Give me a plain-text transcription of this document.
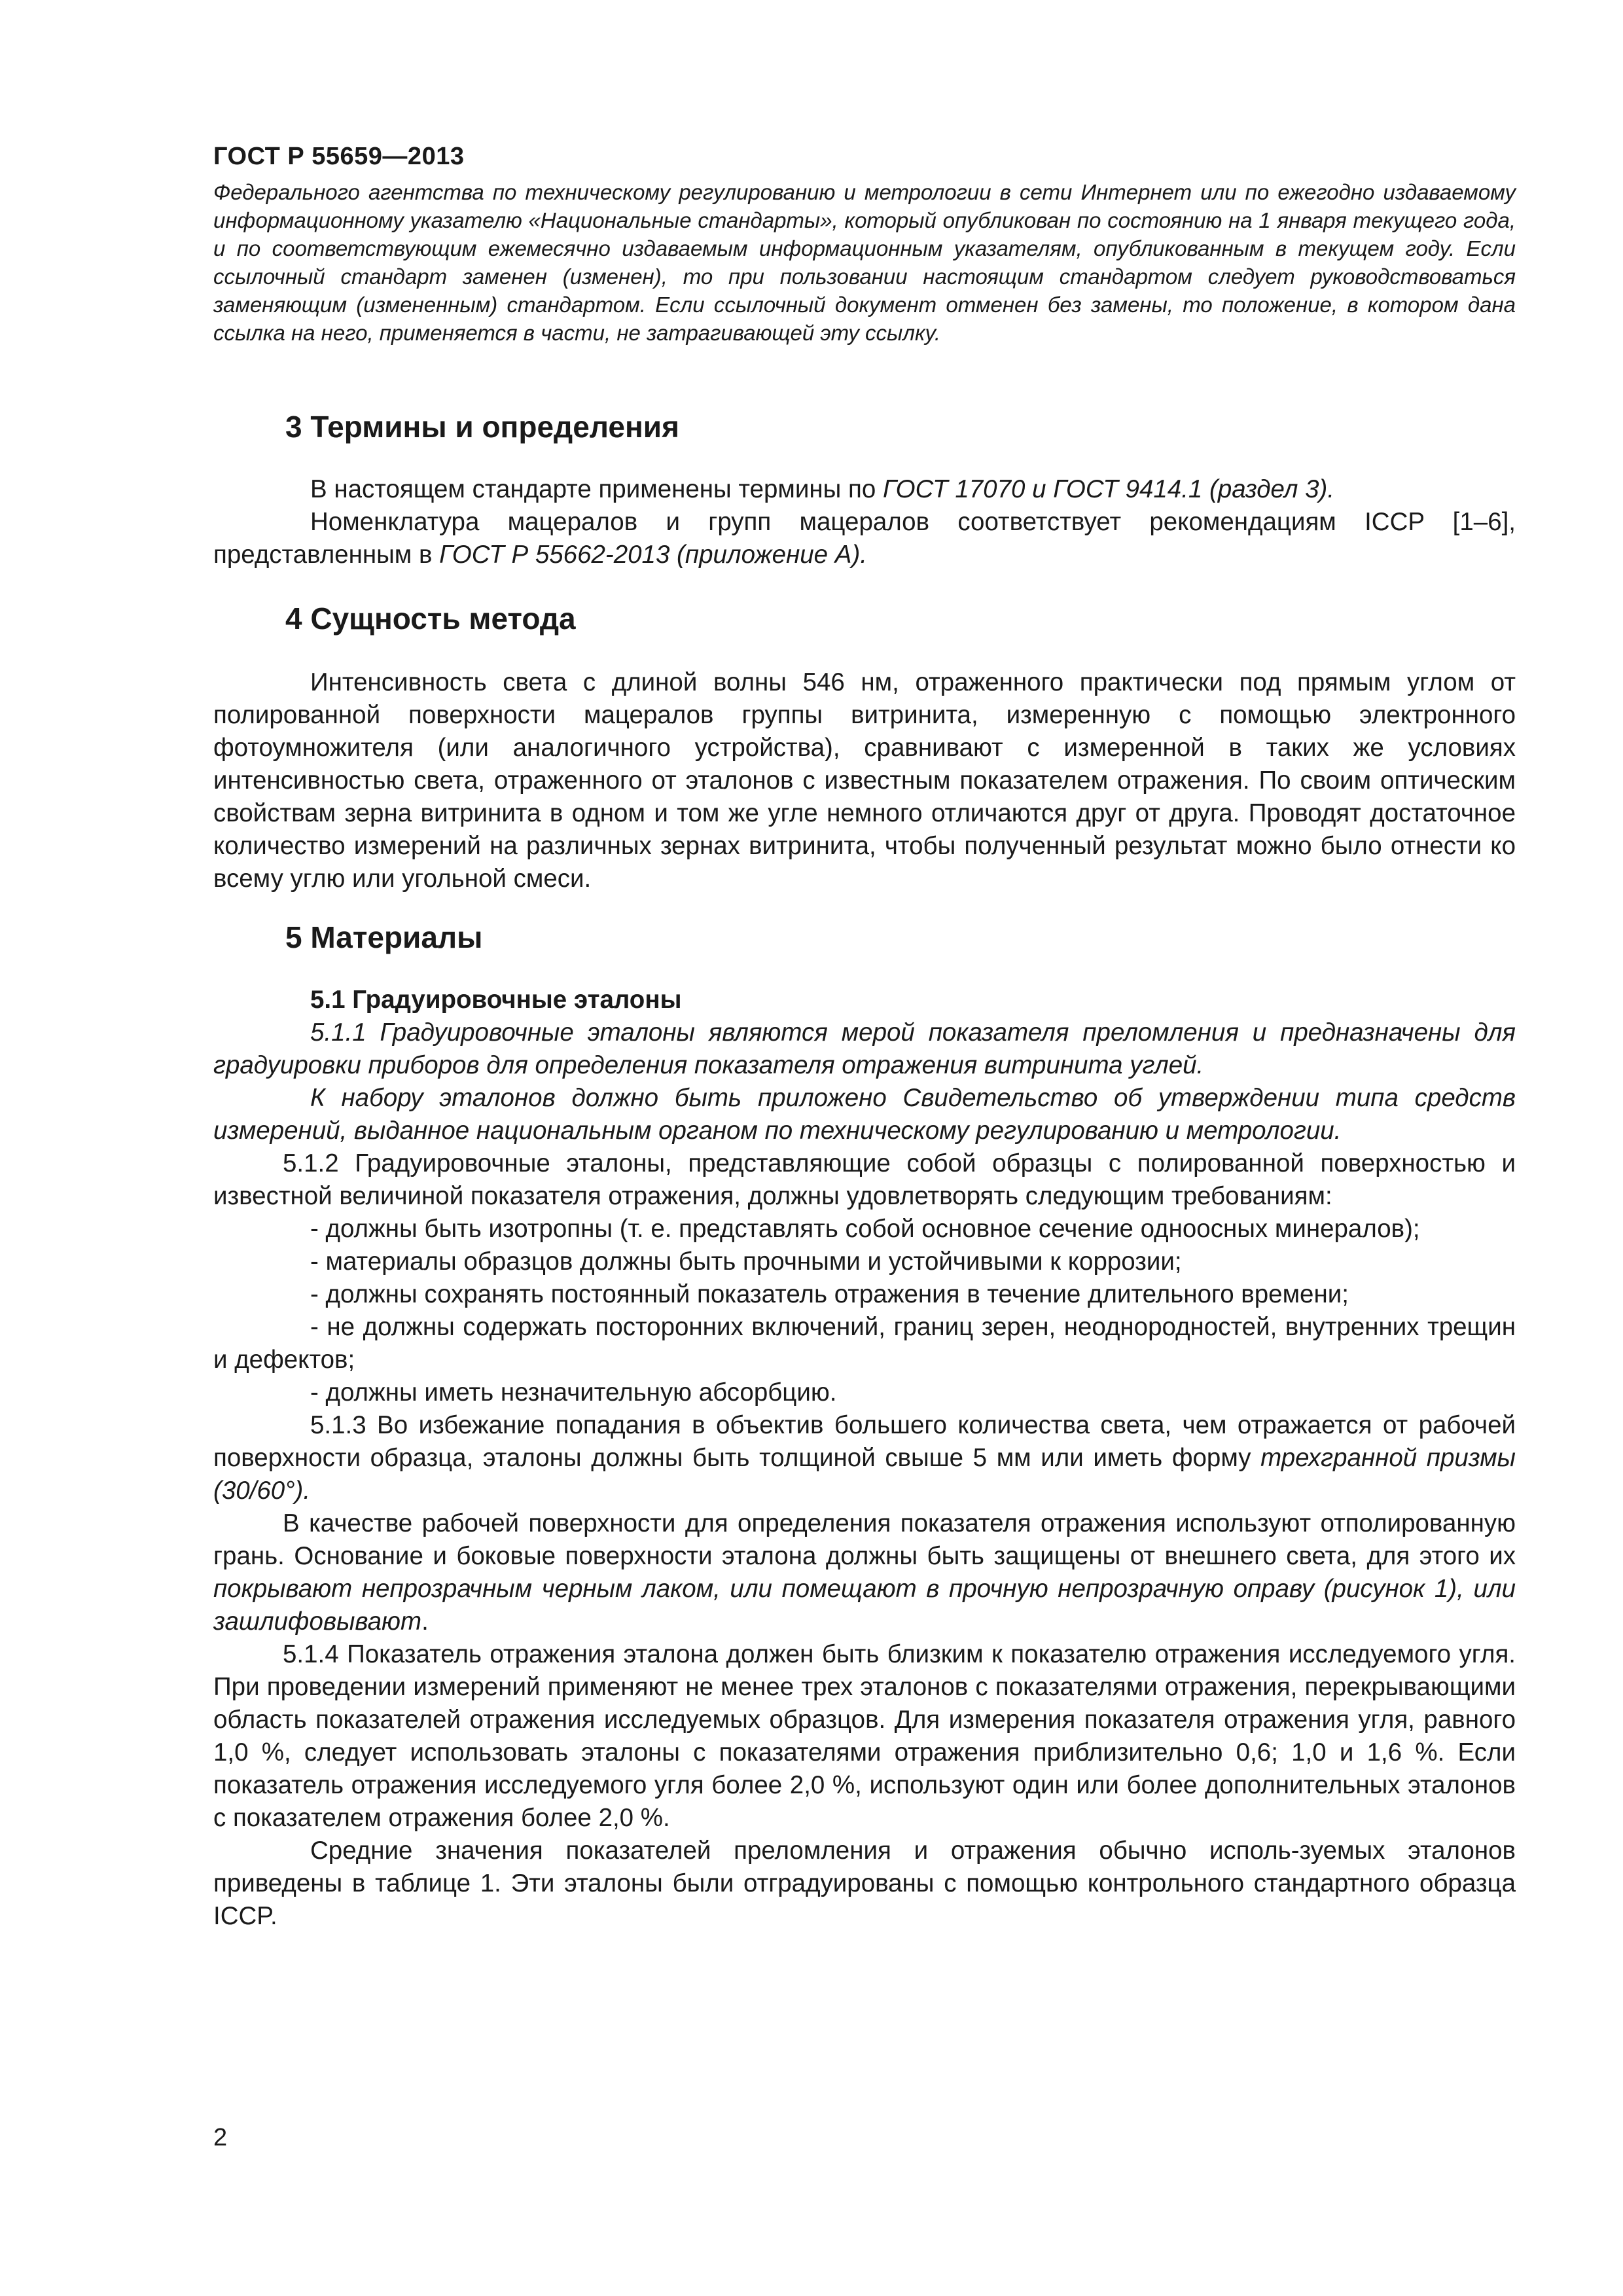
ГОСТ Р 55659—2013

Федерального агентства по техническому регулированию и метрологии в сети Интернет или по ежегодно издаваемому информационному указателю «Национальные стандарты», который опубликован по состоянию на 1 января текущего года, и по соответствующим ежемесячно издаваемым информационным указателям, опубликованным в текущем году. Если ссылочный стандарт заменен (изменен), то при пользовании настоящим стандартом следует руководствоваться заменяющим (измененным) стандартом. Если ссылочный документ отменен без замены, то положение, в котором дана ссылка на него, применяется в части, не затрагивающей эту ссылку.

3 Термины и определения

В настоящем стандарте применены термины по ГОСТ 17070 и ГОСТ 9414.1 (раздел 3).

Номенклатура мацералов и групп мацералов соответствует рекомендациям ICCP [1–6], представленным в ГОСТ Р 55662-2013 (приложение А).

4 Сущность метода

Интенсивность света с длиной волны 546 нм, отраженного практически под прямым углом от полированной поверхности мацералов группы витринита, измеренную с помощью электронного фотоумножителя (или аналогичного устройства), сравнивают с измеренной в таких же условиях интенсивностью света, отраженного от эталонов с известным показателем отражения. По своим оптическим свойствам зерна витринита в одном и том же угле немного отличаются друг от друга. Проводят достаточное количество измерений на различных зернах витринита, чтобы полученный результат можно было отнести ко всему углю или угольной смеси.

5 Материалы

5.1 Градуировочные эталоны

5.1.1 Градуировочные эталоны являются мерой показателя преломления и предназначены для градуировки приборов для определения показателя отражения витринита углей.

К набору эталонов должно быть приложено Свидетельство об утверждении типа средств измерений, выданное национальным органом по техническому регулированию и метрологии.

5.1.2 Градуировочные эталоны, представляющие собой образцы с полированной поверхностью и известной величиной показателя отражения, должны удовлетворять следующим требованиям:

- должны быть изотропны (т. е. представлять собой основное сечение одноосных минералов);

- материалы образцов должны быть прочными и устойчивыми к коррозии;

- должны сохранять постоянный показатель отражения в течение длительного времени;

- не должны содержать посторонних включений, границ зерен, неоднородностей, внутренних трещин и дефектов;

- должны иметь незначительную абсорбцию.

5.1.3 Во избежание попадания в объектив большего количества света, чем отражается от рабочей поверхности образца, эталоны должны быть толщиной свыше 5 мм или иметь форму трехгранной призмы (30/60°).

В качестве рабочей поверхности для определения показателя отражения используют отполированную грань. Основание и боковые поверхности эталона должны быть защищены от внешнего света, для этого их покрывают непрозрачным черным лаком, или помещают в прочную непрозрачную оправу (рисунок 1), или зашлифовывают.

5.1.4 Показатель отражения эталона должен быть близким к показателю отражения исследуемого угля. При проведении измерений применяют не менее трех эталонов с показателями отражения, перекрывающими область показателей отражения исследуемых образцов. Для измерения показателя отражения угля, равного 1,0 %, следует использовать эталоны с показателями отражения приблизительно 0,6; 1,0 и 1,6 %. Если показатель отражения исследуемого угля более 2,0 %, используют один или более дополнительных эталонов с показателем отражения более 2,0 %.

Средние значения показателей преломления и отражения обычно исполь-зуемых эталонов приведены в таблице 1. Эти эталоны были отградуированы с помощью контрольного стандартного образца ICCP.

2
